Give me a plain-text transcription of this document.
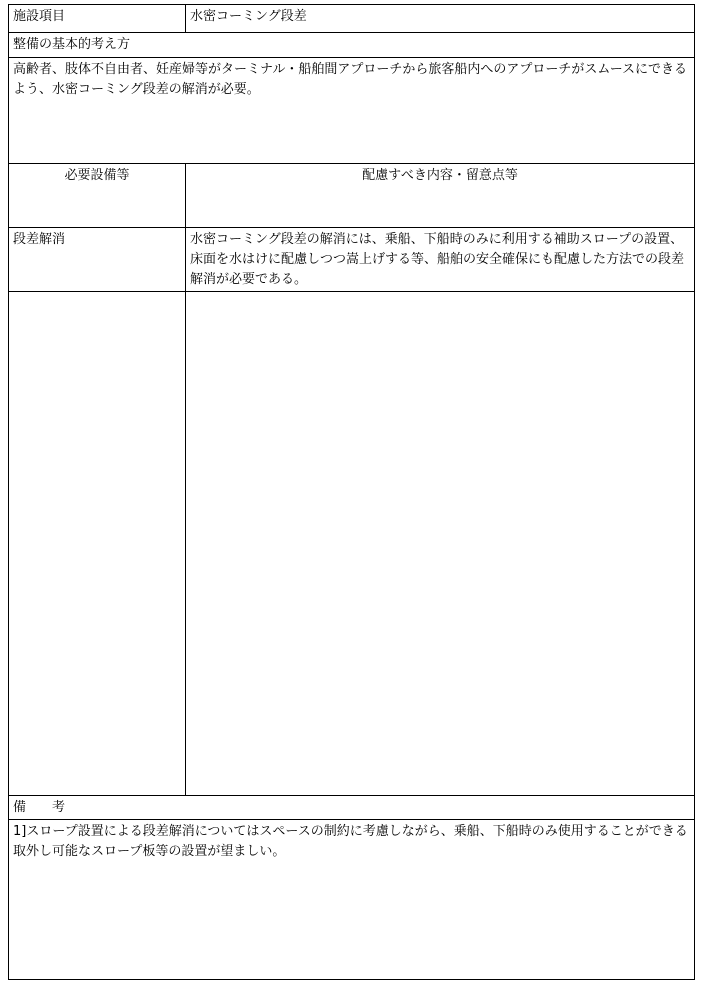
施設項目	水密コーミング段差
整備の基本的考え方
高齢者、肢体不自由者、妊産婦等がターミナル・船舶間アプローチから旅客船内へのアプローチがスムースにできるよう、水密コーミング段差の解消が必要。
必要設備等	配慮すべき内容・留意点等
段差解消	水密コーミング段差の解消には、乗船、下船時のみに利用する補助スロープの設置、床面を水はけに配慮しつつ嵩上げする等、船舶の安全確保にも配慮した方法での段差解消が必要である。
備　　考
1]スロープ設置による段差解消についてはスペースの制約に考慮しながら、乗船、下船時のみ使用することができる取外し可能なスロープ板等の設置が望ましい。
